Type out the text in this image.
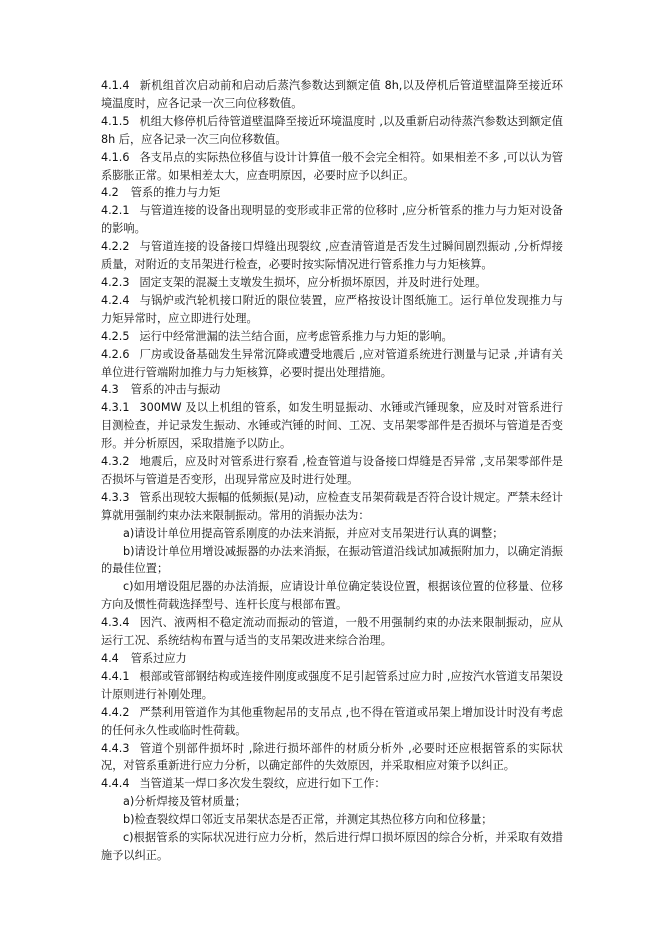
4.1.4 新机组首次启动前和启动后蒸汽参数达到额定值 8h,以及停机后管道壁温降至接近环境温度时，应各记录一次三向位移数值。

4.1.5 机组大修停机后待管道壁温降至接近环境温度时 ,以及重新启动待蒸汽参数达到额定值 8h 后，应各记录一次三向位移数值。

4.1.6 各支吊点的实际热位移值与设计计算值一般不会完全相符。如果相差不多 ,可以认为管系膨胀正常。如果相差太大，应查明原因，必要时应予以纠正。

4.2 管系的推力与力矩

4.2.1 与管道连接的设备出现明显的变形或非正常的位移时 ,应分析管系的推力与力矩对设备的影响。

4.2.2 与管道连接的设备接口焊缝出现裂纹 ,应查清管道是否发生过瞬间剧烈振动 ,分析焊接质量，对附近的支吊架进行检查，必要时按实际情况进行管系推力与力矩核算。

4.2.3 固定支架的混凝土支墩发生损坏，应分析损坏原因，并及时进行处理。

4.2.4 与锅炉或汽轮机接口附近的限位装置，应严格按设计图纸施工。运行单位发现推力与力矩异常时，应立即进行处理。

4.2.5 运行中经常泄漏的法兰结合面，应考虑管系推力与力矩的影响。

4.2.6 厂房或设备基础发生异常沉降或遭受地震后 ,应对管道系统进行测量与记录 ,并请有关单位进行管端附加推力与力矩核算，必要时提出处理措施。

4.3 管系的冲击与振动

4.3.1 300MW 及以上机组的管系，如发生明显振动、水锤或汽锤现象，应及时对管系进行目测检查，并记录发生振动、水锤或汽锤的时间、工况、支吊架零部件是否损坏与管道是否变形。并分析原因，采取措施予以防止。

4.3.2 地震后，应及时对管系进行察看 ,检查管道与设备接口焊缝是否异常 ,支吊架零部件是否损坏与管道是否变形，出现异常应及时进行处理。

4.3.3 管系出现较大振幅的低频振(晃)动，应检查支吊架荷载是否符合设计规定。严禁未经计算就用强制约束办法来限制振动。常用的消振办法为：

a)请设计单位用提高管系刚度的办法来消振，并应对支吊架进行认真的调整；

b)请设计单位用增设减振器的办法来消振，在振动管道沿线试加减振附加力，以确定消振的最佳位置；

c)如用增设阻尼器的办法消振，应请设计单位确定装设位置，根据该位置的位移量、位移方向及惯性荷载选择型号、连杆长度与根部布置。

4.3.4 因汽、液两相不稳定流动而振动的管道，一般不用强制约束的办法来限制振动，应从运行工况、系统结构布置与适当的支吊架改进来综合治理。

4.4 管系过应力

4.4.1 根部或管部钢结构或连接件刚度或强度不足引起管系过应力时 ,应按汽水管道支吊架设计原则进行补刚处理。

4.4.2 严禁利用管道作为其他重物起吊的支吊点 ,也不得在管道或吊架上增加设计时没有考虑的任何永久性或临时性荷载。

4.4.3 管道个别部件损坏时 ,除进行损坏部件的材质分析外 ,必要时还应根据管系的实际状况，对管系重新进行应力分析，以确定部件的失效原因，并采取相应对策予以纠正。

4.4.4 当管道某一焊口多次发生裂纹，应进行如下工作：

a)分析焊接及管材质量；

b)检查裂纹焊口邻近支吊架状态是否正常，并测定其热位移方向和位移量；

c)根据管系的实际状况进行应力分析，然后进行焊口损坏原因的综合分析，并采取有效措施予以纠正。
